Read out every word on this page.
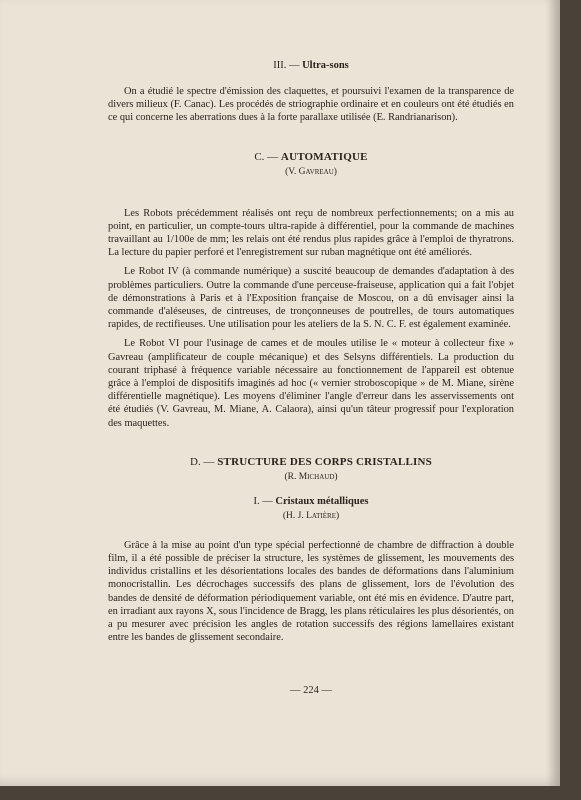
III. — Ultra-sons

On a étudié le spectre d'émission des claquettes, et poursuivi l'examen de la transparence de divers milieux (F. Canac). Les procédés de striographie ordinaire et en couleurs ont été étudiés en ce qui concerne les aberrations dues à la forte parallaxe utilisée (E. Randrianarison).

C. — AUTOMATIQUE

(V. Gavreau)

Les Robots précédemment réalisés ont reçu de nombreux perfectionnements; on a mis au point, en particulier, un compte-tours ultra-rapide à différentiel, pour la commande de machines travaillant au 1/100e de mm; les relais ont été rendus plus rapides grâce à l'emploi de thyratrons. La lecture du papier perforé et l'enregistrement sur ruban magnétique ont été améliorés.

Le Robot IV (à commande numérique) a suscité beaucoup de demandes d'adaptation à des problèmes particuliers. Outre la commande d'une perceuse-fraiseuse, application qui a fait l'objet de démonstrations à Paris et à l'Exposition française de Moscou, on a dû envisager ainsi la commande d'aléseuses, de cintreuses, de tronçonneuses de poutrelles, de tours automatiques rapides, de rectifieuses. Une utilisation pour les ateliers de la S. N. C. F. est également examinée.

Le Robot VI pour l'usinage de cames et de moules utilise le « moteur à collecteur fixe » Gavreau (amplificateur de couple mécanique) et des Selsyns différentiels. La production du courant triphasé à fréquence variable nécessaire au fonctionnement de l'appareil est obtenue grâce à l'emploi de dispositifs imaginés ad hoc (« vernier stroboscopique » de M. Miane, sirène différentielle magnétique). Les moyens d'éliminer l'angle d'erreur dans les asservissements ont été étudiés (V. Gavreau, M. Miane, A. Calaora), ainsi qu'un tâteur progressif pour l'exploration des maquettes.

D. — STRUCTURE DES CORPS CRISTALLINS

(R. Michaud)

I. — Cristaux métalliques

(H. J. Latière)

Grâce à la mise au point d'un type spécial perfectionné de chambre de diffraction à double film, il a été possible de préciser la structure, les systèmes de glissement, les mouvements des individus cristallins et les désorientations locales des bandes de déformations dans l'aluminium monocristallin. Les décrochages successifs des plans de glissement, lors de l'évolution des bandes de densité de déformation périodiquement variable, ont été mis en évidence. D'autre part, en irradiant aux rayons X, sous l'incidence de Bragg, les plans réticulaires les plus désorientés, on a pu mesurer avec précision les angles de rotation successifs des régions lamellaires existant entre les bandes de glissement secondaire.

— 224 —
